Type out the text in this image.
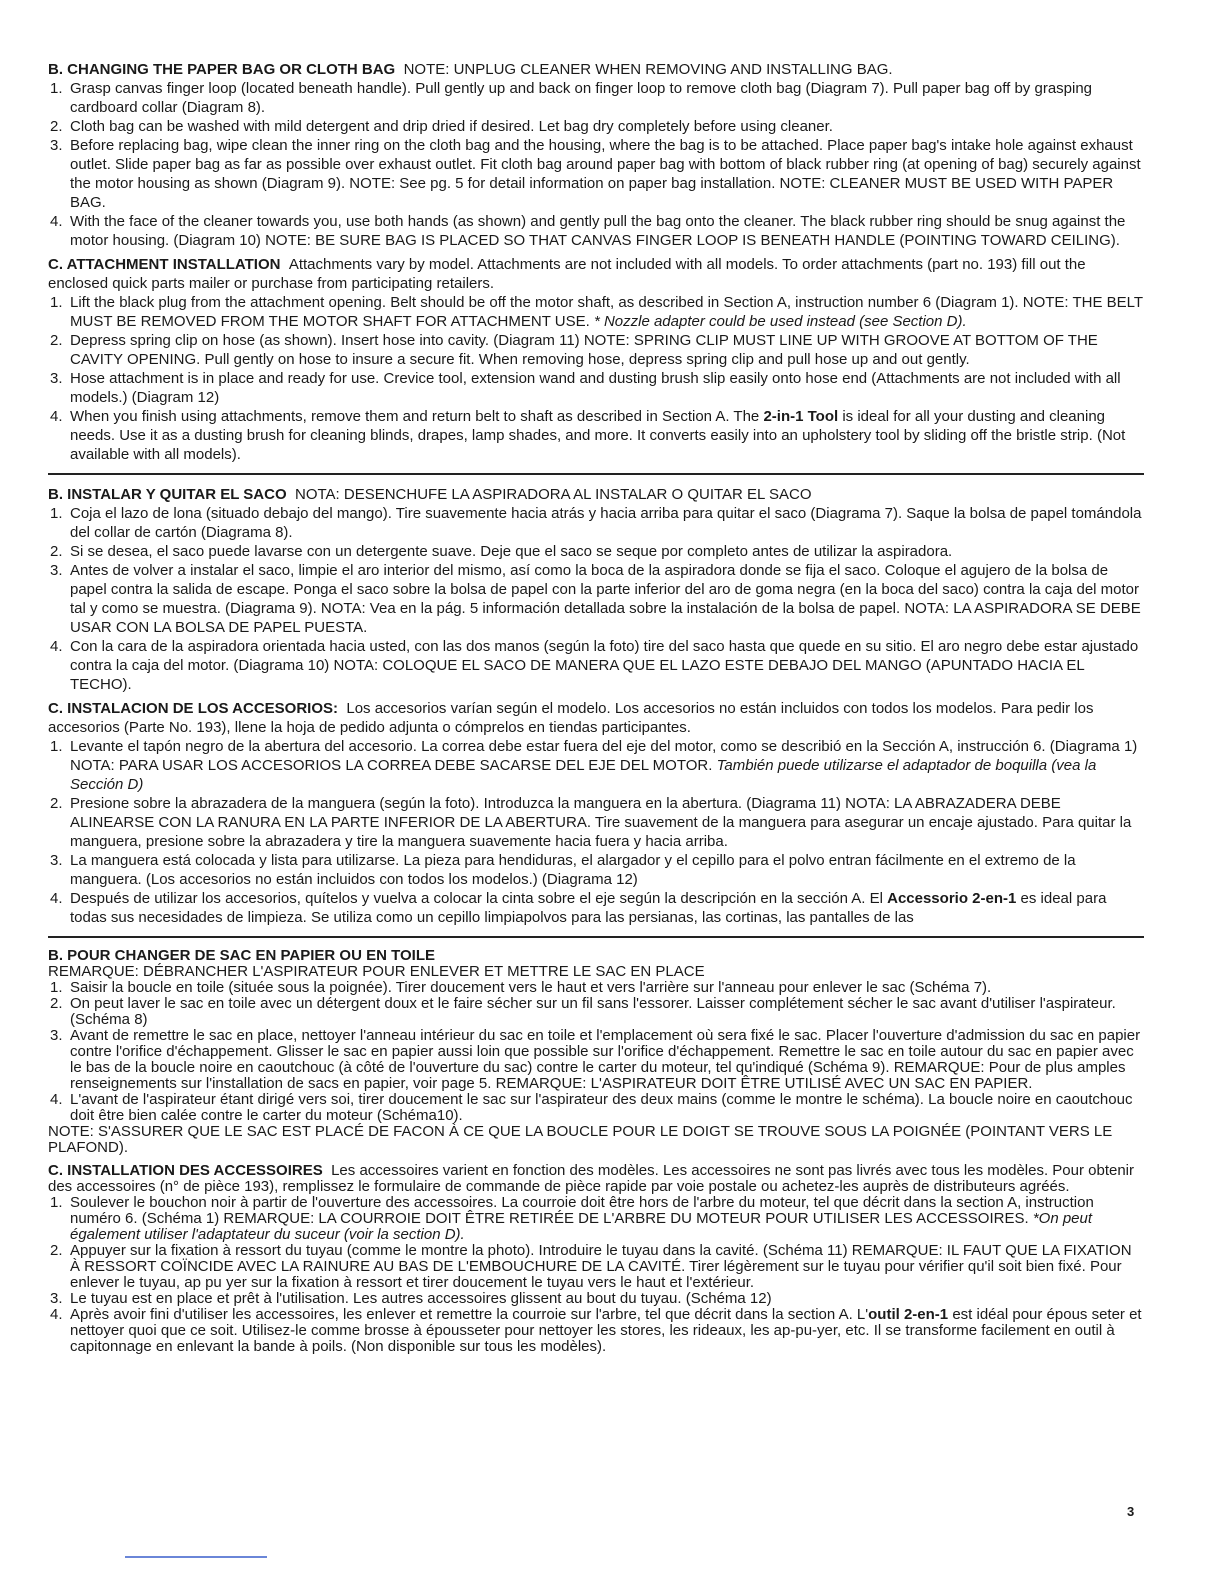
B. CHANGING THE PAPER BAG OR CLOTH BAG NOTE: UNPLUG CLEANER WHEN REMOVING AND INSTALLING BAG.

1. Grasp canvas finger loop (located beneath handle). Pull gently up and back on finger loop to remove cloth bag (Diagram 7). Pull paper bag off by grasping cardboard collar (Diagram 8).
2. Cloth bag can be washed with mild detergent and drip dried if desired. Let bag dry completely before using cleaner.
3. Before replacing bag, wipe clean the inner ring on the cloth bag and the housing, where the bag is to be attached. Place paper bag's intake hole against exhaust outlet. Slide paper bag as far as possible over exhaust outlet. Fit cloth bag around paper bag with bottom of black rubber ring (at opening of bag) securely against the motor housing as shown (Diagram 9). NOTE: See pg. 5 for detail information on paper bag installation. NOTE: CLEANER MUST BE USED WITH PAPER BAG.
4. With the face of the cleaner towards you, use both hands (as shown) and gently pull the bag onto the cleaner. The black rubber ring should be snug against the motor housing. (Diagram 10) NOTE: BE SURE BAG IS PLACED SO THAT CANVAS FINGER LOOP IS BENEATH HANDLE (POINTING TOWARD CEILING).

C. ATTACHMENT INSTALLATION Attachments vary by model. Attachments are not included with all models. To order attachments (part no. 193) fill out the enclosed quick parts mailer or purchase from participating retailers.

1. Lift the black plug from the attachment opening. Belt should be off the motor shaft, as described in Section A, instruction number 6 (Diagram 1). NOTE: THE BELT MUST BE REMOVED FROM THE MOTOR SHAFT FOR ATTACHMENT USE. * Nozzle adapter could be used instead (see Section D).
2. Depress spring clip on hose (as shown). Insert hose into cavity. (Diagram 11) NOTE: SPRING CLIP MUST LINE UP WITH GROOVE AT BOTTOM OF THE CAVITY OPENING. Pull gently on hose to insure a secure fit. When removing hose, depress spring clip and pull hose up and out gently.
3. Hose attachment is in place and ready for use. Crevice tool, extension wand and dusting brush slip easily onto hose end (Attachments are not included with all models.) (Diagram 12)
4. When you finish using attachments, remove them and return belt to shaft as described in Section A. The 2-in-1 Tool is ideal for all your dusting and cleaning needs. Use it as a dusting brush for cleaning blinds, drapes, lamp shades, and more. It converts easily into an upholstery tool by sliding off the bristle strip. (Not available with all models).

B. INSTALAR Y QUITAR EL SACO NOTA: DESENCHUFE LA ASPIRADORA AL INSTALAR O QUITAR EL SACO

1. Coja el lazo de lona (situado debajo del mango). Tire suavemente hacia atrás y hacia arriba para quitar el saco (Diagrama 7). Saque la bolsa de papel tomándola del collar de cartón (Diagrama 8).
2. Si se desea, el saco puede lavarse con un detergente suave. Deje que el saco se seque por completo antes de utilizar la aspiradora.
3. Antes de volver a instalar el saco, limpie el aro interior del mismo, así como la boca de la aspiradora donde se fija el saco. Coloque el agujero de la bolsa de papel contra la salida de escape. Ponga el saco sobre la bolsa de papel con la parte inferior del aro de goma negra (en la boca del saco) contra la caja del motor tal y como se muestra. (Diagrama 9). NOTA: Vea en la pág. 5 información detallada sobre la instalación de la bolsa de papel. NOTA: LA ASPIRADORA SE DEBE USAR CON LA BOLSA DE PAPEL PUESTA.
4. Con la cara de la aspiradora orientada hacia usted, con las dos manos (según la foto) tire del saco hasta que quede en su sitio. El aro negro debe estar ajustado contra la caja del motor. (Diagrama 10) NOTA: COLOQUE EL SACO DE MANERA QUE EL LAZO ESTE DEBAJO DEL MANGO (APUNTADO HACIA EL TECHO).

C. INSTALACION DE LOS ACCESORIOS: Los accesorios varían según el modelo. Los accesorios no están incluidos con todos los modelos. Para pedir los accesorios (Parte No. 193), llene la hoja de pedido adjunta o cómprelos en tiendas participantes.

1. Levante el tapón negro de la abertura del accesorio. La correa debe estar fuera del eje del motor, como se describió en la Sección A, instrucción 6. (Diagrama 1) NOTA: PARA USAR LOS ACCESORIOS LA CORREA DEBE SACARSE DEL EJE DEL MOTOR. También puede utilizarse el adaptador de boquilla (vea la Sección D)
2. Presione sobre la abrazadera de la manguera (según la foto). Introduzca la manguera en la abertura. (Diagrama 11) NOTA: LA ABRAZADERA DEBE ALINEARSE CON LA RANURA EN LA PARTE INFERIOR DE LA ABERTURA. Tire suavement de la manguera para asegurar un encaje ajustado. Para quitar la manguera, presione sobre la abrazadera y tire la manguera suavemente hacia fuera y hacia arriba.
3. La manguera está colocada y lista para utilizarse. La pieza para hendiduras, el alargador y el cepillo para el polvo entran fácilmente en el extremo de la manguera. (Los accesorios no están incluidos con todos los modelos.) (Diagrama 12)
4. Después de utilizar los accesorios, quítelos y vuelva a colocar la cinta sobre el eje según la descripción en la sección A. El Accessorio 2-en-1 es ideal para todas sus necesidades de limpieza. Se utiliza como un cepillo limpiapolvos para las persianas, las cortinas, las pantalles de las

B. POUR CHANGER DE SAC EN PAPIER OU EN TOILE

REMARQUE: DÉBRANCHER L'ASPIRATEUR POUR ENLEVER ET METTRE LE SAC EN PLACE

1. Saisir la boucle en toile (située sous la poignée). Tirer doucement vers le haut et vers l'arrière sur l'anneau pour enlever le sac (Schéma 7).
2. On peut laver le sac en toile avec un détergent doux et le faire sécher sur un fil sans l'essorer. Laisser complétement sécher le sac avant d'utiliser l'aspirateur. (Schéma 8)
3. Avant de remettre le sac en place, nettoyer l'anneau intérieur du sac en toile et l'emplacement où sera fixé le sac. Placer l'ouverture d'admission du sac en papier contre l'orifice d'échappement. Glisser le sac en papier aussi loin que possible sur l'orifice d'échappement. Remettre le sac en toile autour du sac en papier avec le bas de la boucle noire en caoutchouc (à côté de l'ouverture du sac) contre le carter du moteur, tel qu'indiqué (Schéma 9). REMARQUE: Pour de plus amples renseignements sur l'installation de sacs en papier, voir page 5. REMARQUE: L'ASPIRATEUR DOIT ÊTRE UTILISÉ AVEC UN SAC EN PAPIER.
4. L'avant de l'aspirateur étant dirigé vers soi, tirer doucement le sac sur l'aspirateur des deux mains (comme le montre le schéma). La boucle noire en caoutchouc doit être bien calée contre le carter du moteur (Schéma10).

NOTE: S'ASSURER QUE LE SAC EST PLACÉ DE FACON À CE QUE LA BOUCLE POUR LE DOIGT SE TROUVE SOUS LA POIGNÉE (POINTANT VERS LE PLAFOND).

C. INSTALLATION DES ACCESSOIRES Les accessoires varient en fonction des modèles. Les accessoires ne sont pas livrés avec tous les modèles. Pour obtenir des accessoires (n° de pièce 193), remplissez le formulaire de commande de pièce rapide par voie postale ou achetez-les auprès de distributeurs agréés.

1. Soulever le bouchon noir à partir de l'ouverture des accessoires. La courroie doit être hors de l'arbre du moteur, tel que décrit dans la section A, instruction numéro 6. (Schéma 1) REMARQUE: LA COURROIE DOIT ÊTRE RETIRÉE DE L'ARBRE DU MOTEUR POUR UTILISER LES ACCESSOIRES. *On peut également utiliser l'adaptateur du suceur (voir la section D).
2. Appuyer sur la fixation à ressort du tuyau (comme le montre la photo). Introduire le tuyau dans la cavité. (Schéma 11) REMARQUE: IL FAUT QUE LA FIXATION À RESSORT COÏNCIDE AVEC LA RAINURE AU BAS DE L'EMBOUCHURE DE LA CAVITÉ. Tirer légèrement sur le tuyau pour vérifier qu'il soit bien fixé. Pour enlever le tuyau, ap pu yer sur la fixation à ressort et tirer doucement le tuyau vers le haut et l'extérieur.
3. Le tuyau est en place et prêt à l'utilisation. Les autres accessoires glissent au bout du tuyau. (Schéma 12)
4. Après avoir fini d'utiliser les accessoires, les enlever et remettre la courroie sur l'arbre, tel que décrit dans la section A. L'outil 2-en-1 est idéal pour épous seter et nettoyer quoi que ce soit. Utilisez-le comme brosse à épousseter pour nettoyer les stores, les rideaux, les ap-pu-yer, etc. Il se transforme facilement en outil à capitonnage en enlevant la bande à poils. (Non disponible sur tous les modèles).
3
